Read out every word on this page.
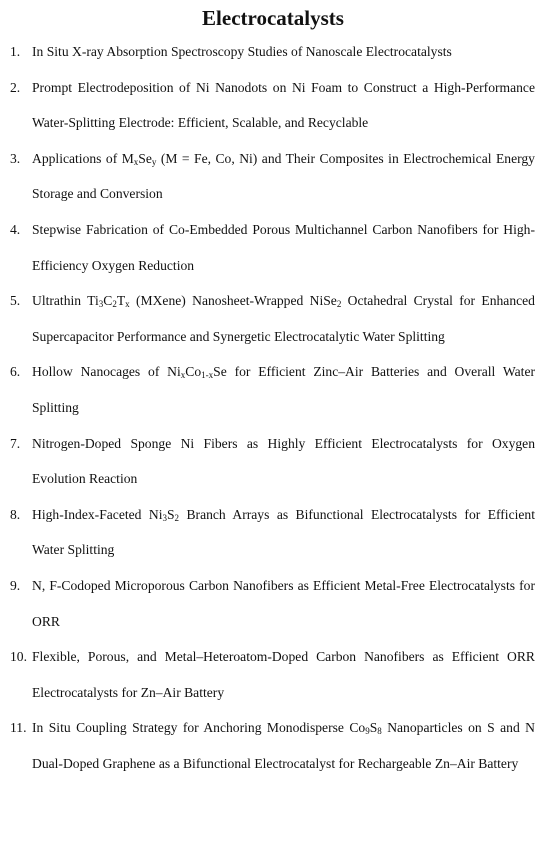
Electrocatalysts
1. In Situ X-ray Absorption Spectroscopy Studies of Nanoscale Electrocatalysts
2. Prompt Electrodeposition of Ni Nanodots on Ni Foam to Construct a High-Performance Water-Splitting Electrode: Efficient, Scalable, and Recyclable
3. Applications of $M_xSe_y$ (M = Fe, Co, Ni) and Their Composites in Electrochemical Energy Storage and Conversion
4. Stepwise Fabrication of Co-Embedded Porous Multichannel Carbon Nanofibers for High-Efficiency Oxygen Reduction
5. Ultrathin $Ti_3C_2T_x$ (MXene) Nanosheet-Wrapped NiSe$_2$ Octahedral Crystal for Enhanced Supercapacitor Performance and Synergetic Electrocatalytic Water Splitting
6. Hollow Nanocages of $Ni_xCo_{1-x}Se$ for Efficient Zinc–Air Batteries and Overall Water Splitting
7. Nitrogen-Doped Sponge Ni Fibers as Highly Efficient Electrocatalysts for Oxygen Evolution Reaction
8. High-Index-Faceted $Ni_3S_2$ Branch Arrays as Bifunctional Electrocatalysts for Efficient Water Splitting
9. N, F-Codoped Microporous Carbon Nanofibers as Efficient Metal-Free Electrocatalysts for ORR
10. Flexible, Porous, and Metal–Heteroatom-Doped Carbon Nanofibers as Efficient ORR Electrocatalysts for Zn–Air Battery
11. In Situ Coupling Strategy for Anchoring Monodisperse $Co_9S_8$ Nanoparticles on S and N Dual-Doped Graphene as a Bifunctional Electrocatalyst for Rechargeable Zn–Air Battery
